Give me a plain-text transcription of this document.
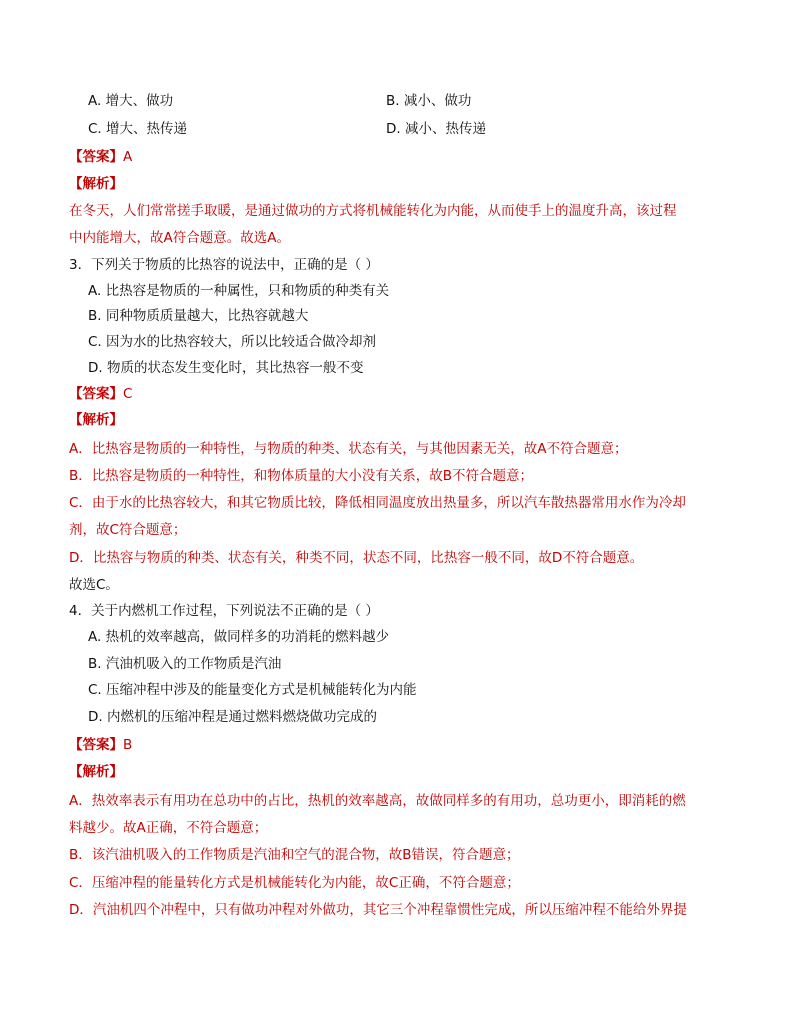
A. 增大、做功	B. 减小、做功
C. 增大、热传递	D. 减小、热传递
【答案】A
【解析】
在冬天，人们常常搓手取暖，是通过做功的方式将机械能转化为内能，从而使手上的温度升高，该过程
中内能增大，故A符合题意。故选A。
3．下列关于物质的比热容的说法中，正确的是（ ）
A. 比热容是物质的一种属性，只和物质的种类有关
B. 同种物质质量越大，比热容就越大
C. 因为水的比热容较大，所以比较适合做冷却剂
D. 物质的状态发生变化时，其比热容一般不变
【答案】C
【解析】
A．比热容是物质的一种特性，与物质的种类、状态有关，与其他因素无关，故A不符合题意；
B．比热容是物质的一种特性，和物体质量的大小没有关系，故B不符合题意；
C．由于水的比热容较大，和其它物质比较，降低相同温度放出热量多，所以汽车散热器常用水作为冷却
剂，故C符合题意；
D．比热容与物质的种类、状态有关，种类不同，状态不同，比热容一般不同，故D不符合题意。
故选C。
4．关于内燃机工作过程，下列说法不正确的是（ ）
A. 热机的效率越高，做同样多的功消耗的燃料越少
B. 汽油机吸入的工作物质是汽油
C. 压缩冲程中涉及的能量变化方式是机械能转化为内能
D. 内燃机的压缩冲程是通过燃料燃烧做功完成的
【答案】B
【解析】
A．热效率表示有用功在总功中的占比，热机的效率越高，故做同样多的有用功，总功更小，即消耗的燃
料越少。故A正确，不符合题意；
B．该汽油机吸入的工作物质是汽油和空气的混合物，故B错误，符合题意；
C．压缩冲程的能量转化方式是机械能转化为内能，故C正确，不符合题意；
D．汽油机四个冲程中，只有做功冲程对外做功，其它三个冲程靠惯性完成，所以压缩冲程不能给外界提
